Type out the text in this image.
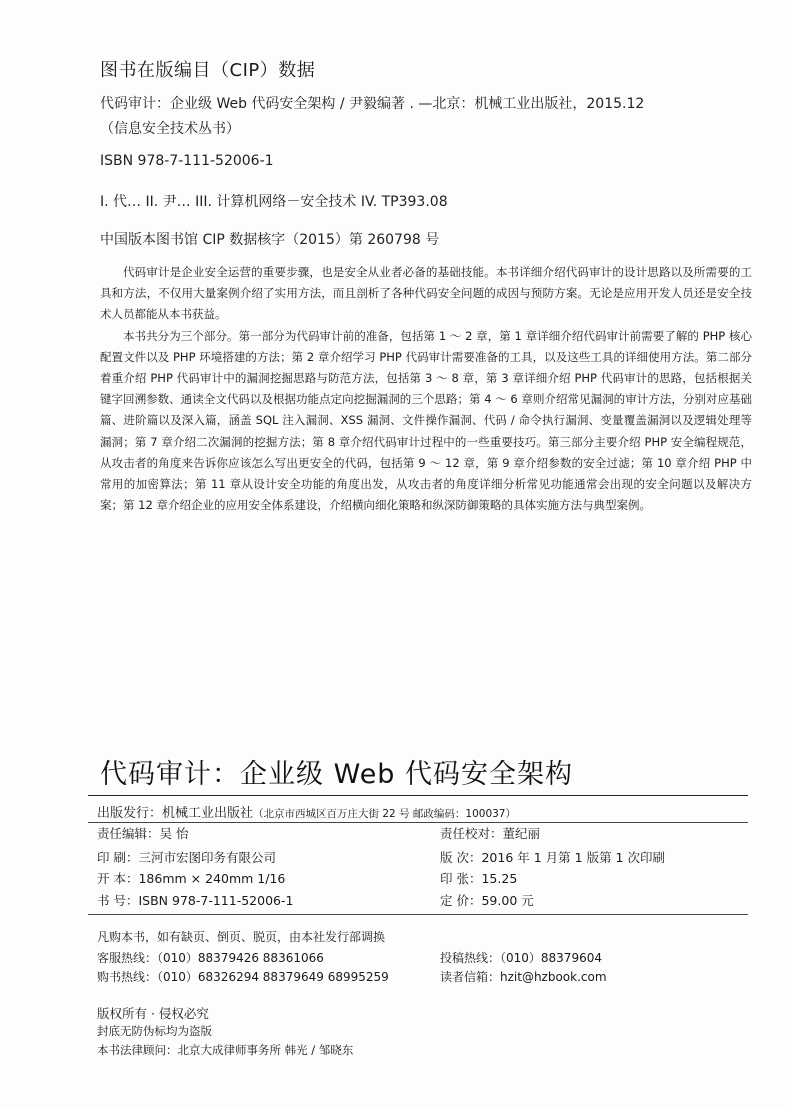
图书在版编目（CIP）数据
代码审计：企业级 Web 代码安全架构 / 尹毅编著 . —北京：机械工业出版社，2015.12
（信息安全技术丛书）
ISBN 978-7-111-52006-1
I. 代… II. 尹… III. 计算机网络－安全技术 IV. TP393.08
中国版本图书馆 CIP 数据核字（2015）第 260798 号

代码审计是企业安全运营的重要步骤，也是安全从业者必备的基础技能。本书详细介绍代码审计的设计思路以及所需要的工具和方法，不仅用大量案例介绍了实用方法，而且剖析了各种代码安全问题的成因与预防方案。无论是应用开发人员还是安全技术人员都能从本书获益。

本书共分为三个部分。第一部分为代码审计前的准备，包括第 1 ～ 2 章，第 1 章详细介绍代码审计前需要了解的 PHP 核心配置文件以及 PHP 环境搭建的方法；第 2 章介绍学习 PHP 代码审计需要准备的工具，以及这些工具的详细使用方法。第二部分着重介绍 PHP 代码审计中的漏洞挖掘思路与防范方法，包括第 3 ～ 8 章，第 3 章详细介绍 PHP 代码审计的思路，包括根据关键字回溯参数、通读全文代码以及根据功能点定向挖掘漏洞的三个思路；第 4 ～ 6 章则介绍常见漏洞的审计方法，分别对应基础篇、进阶篇以及深入篇，涵盖 SQL 注入漏洞、XSS 漏洞、文件操作漏洞、代码 / 命令执行漏洞、变量覆盖漏洞以及逻辑处理等漏洞；第 7 章介绍二次漏洞的挖掘方法；第 8 章介绍代码审计过程中的一些重要技巧。第三部分主要介绍 PHP 安全编程规范，从攻击者的角度来告诉你应该怎么写出更安全的代码，包括第 9 ～ 12 章，第 9 章介绍参数的安全过滤；第 10 章介绍 PHP 中常用的加密算法；第 11 章从设计安全功能的角度出发，从攻击者的角度详细分析常见功能通常会出现的安全问题以及解决方案；第 12 章介绍企业的应用安全体系建设，介绍横向细化策略和纵深防御策略的具体实施方法与典型案例。

代码审计：企业级 Web 代码安全架构
出版发行：机械工业出版社（北京市西城区百万庄大街 22 号 邮政编码：100037）
责任编辑：吴 怡	责任校对：董纪丽
印 刷：三河市宏图印务有限公司	版 次：2016 年 1 月第 1 版第 1 次印刷
开 本：186mm × 240mm 1/16	印 张：15.25
书 号：ISBN 978-7-111-52006-1	定 价：59.00 元
凡购本书，如有缺页、倒页、脱页，由本社发行部调换
客服热线：（010）88379426 88361066	投稿热线：（010）88379604
购书热线：（010）68326294 88379649 68995259	读者信箱：hzit@hzbook.com
版权所有 · 侵权必究
封底无防伪标均为盗版
本书法律顾问：北京大成律师事务所 韩光 / 邹晓东
